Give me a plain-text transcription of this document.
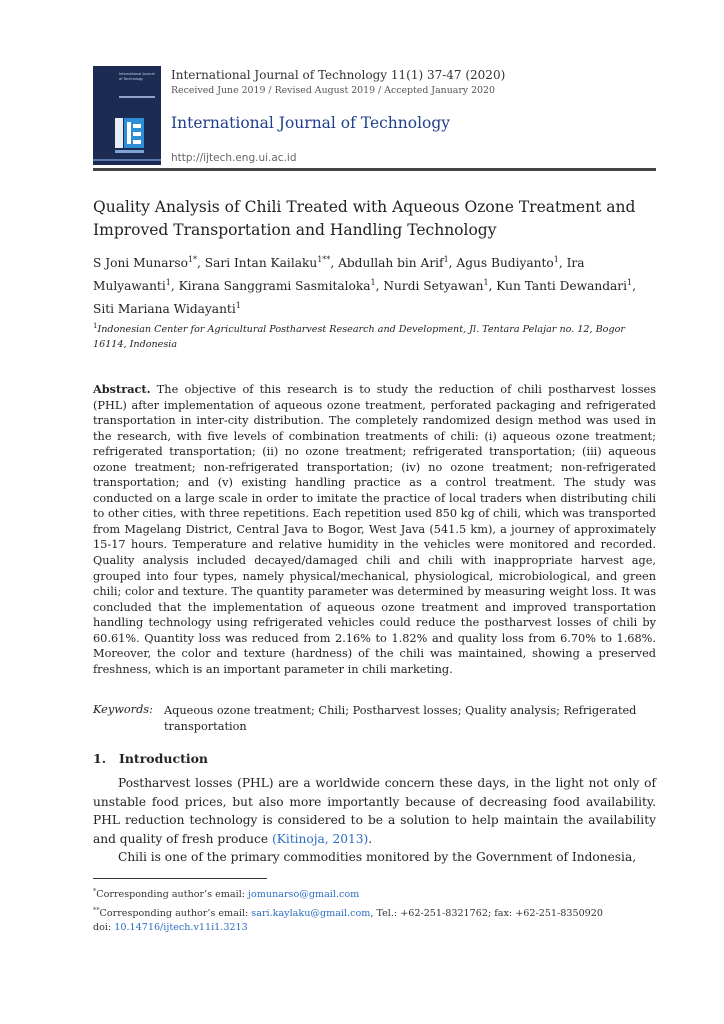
International Journal of Technology	International Journal of Technology 11(1) 37-47 (2020)
Received June 2019 / Revised August 2019 / Accepted January 2020
International Journal of Technology
http://ijtech.eng.ui.ac.id
Quality Analysis of Chili Treated with Aqueous Ozone Treatment and Improved Transportation and Handling Technology
S Joni Munarso$^{1*}$, Sari Intan Kailaku$^{1**}$, Abdullah bin Arif$^1$, Agus Budiyanto$^1$, Ira Mulyawanti$^1$, Kirana Sanggrami Sasmitaloka$^1$, Nurdi Setyawan$^1$, Kun Tanti Dewandari$^1$, Siti Mariana Widayanti$^1$
$^1$Indonesian Center for Agricultural Postharvest Research and Development, Jl. Tentara Pelajar no. 12, Bogor 16114, Indonesia
Abstract. The objective of this research is to study the reduction of chili postharvest losses (PHL) after implementation of aqueous ozone treatment, perforated packaging and refrigerated transportation in inter-city distribution. The completely randomized design method was used in the research, with five levels of combination treatments of chili: (i) aqueous ozone treatment; refrigerated transportation; (ii) no ozone treatment; refrigerated transportation; (iii) aqueous ozone treatment; non-refrigerated transportation; (iv) no ozone treatment; non-refrigerated transportation; and (v) existing handling practice as a control treatment. The study was conducted on a large scale in order to imitate the practice of local traders when distributing chili to other cities, with three repetitions. Each repetition used 850 kg of chili, which was transported from Magelang District, Central Java to Bogor, West Java (541.5 km), a journey of approximately 15-17 hours. Temperature and relative humidity in the vehicles were monitored and recorded. Quality analysis included decayed/damaged chili and chili with inappropriate harvest age, grouped into four types, namely physical/mechanical, physiological, microbiological, and green chili; color and texture. The quantity parameter was determined by measuring weight loss. It was concluded that the implementation of aqueous ozone treatment and improved transportation handling technology using refrigerated vehicles could reduce the postharvest losses of chili by 60.61%. Quantity loss was reduced from 2.16% to 1.82% and quality loss from 6.70% to 1.68%. Moreover, the color and texture (hardness) of the chili was maintained, showing a preserved freshness, which is an important parameter in chili marketing.
Keywords: Aqueous ozone treatment; Chili; Postharvest losses; Quality analysis; Refrigerated transportation
1. Introduction

Postharvest losses (PHL) are a worldwide concern these days, in the light not only of unstable food prices, but also more importantly because of decreasing food availability. PHL reduction technology is considered to be a solution to help maintain the availability and quality of fresh produce (Kitinoja, 2013).

Chili is one of the primary commodities monitored by the Government of Indonesia,

*Corresponding author’s email: jomunarso@gmail.com
**Corresponding author’s email: sari.kaylaku@gmail.com, Tel.: +62-251-8321762; fax: +62-251-8350920
doi: 10.14716/ijtech.v11i1.3213
